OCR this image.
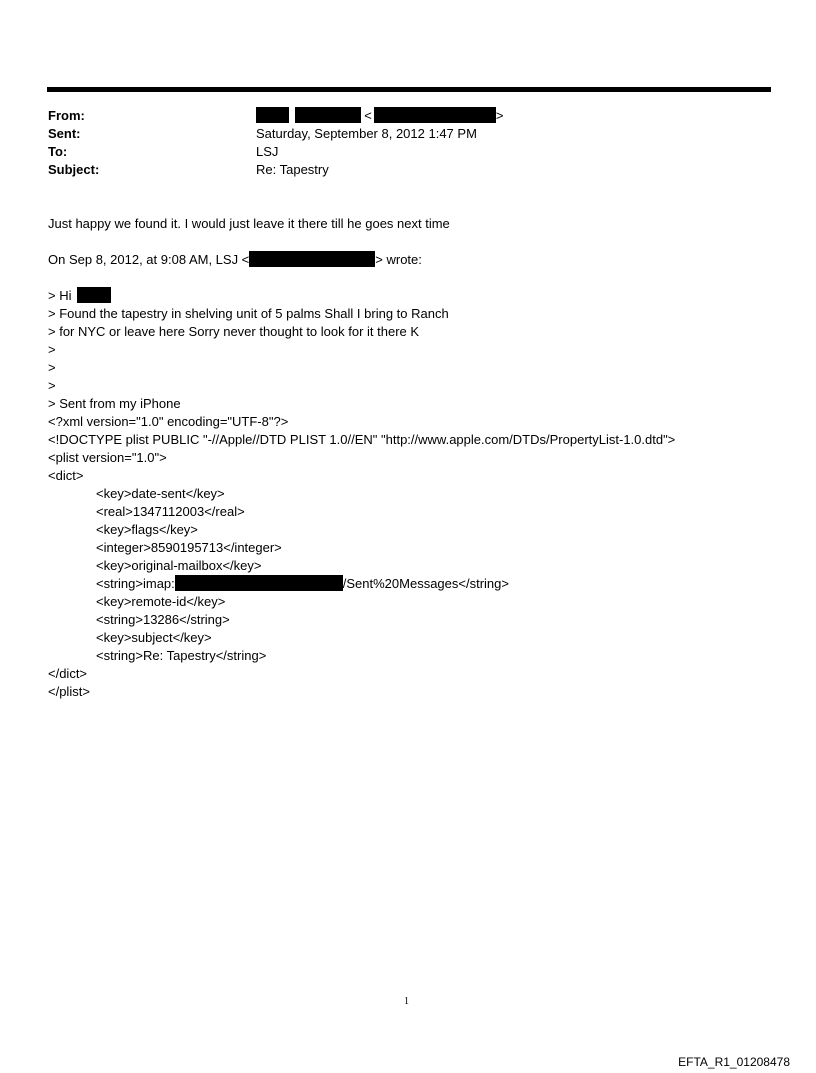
From:	<	>
Sent:	Saturday, September 8, 2012 1:47 PM
To:	LSJ
Subject:	Re: Tapestry
Just happy we found it. I would just leave it there till he goes next time
On Sep 8, 2012, at 9:08 AM, LSJ <	> wrote:
> Hi
> Found the tapestry in shelving unit of 5 palms Shall I bring to Ranch
> for NYC or leave here Sorry never thought to look for it there K
>
>
>
> Sent from my iPhone
<?xml version="1.0" encoding="UTF-8"?>
<!DOCTYPE plist PUBLIC "-//Apple//DTD PLIST 1.0//EN" "http://www.apple.com/DTDs/PropertyList-1.0.dtd">
<plist version="1.0">
<dict>
<key>date-sent</key>
<real>1347112003</real>
<key>flags</key>
<integer>8590195713</integer>
<key>original-mailbox</key>
<string>imap:	/Sent%20Messages</string>
<key>remote-id</key>
<string>13286</string>
<key>subject</key>
<string>Re: Tapestry</string>
</dict>
</plist>
1
EFTA_R1_01208478
